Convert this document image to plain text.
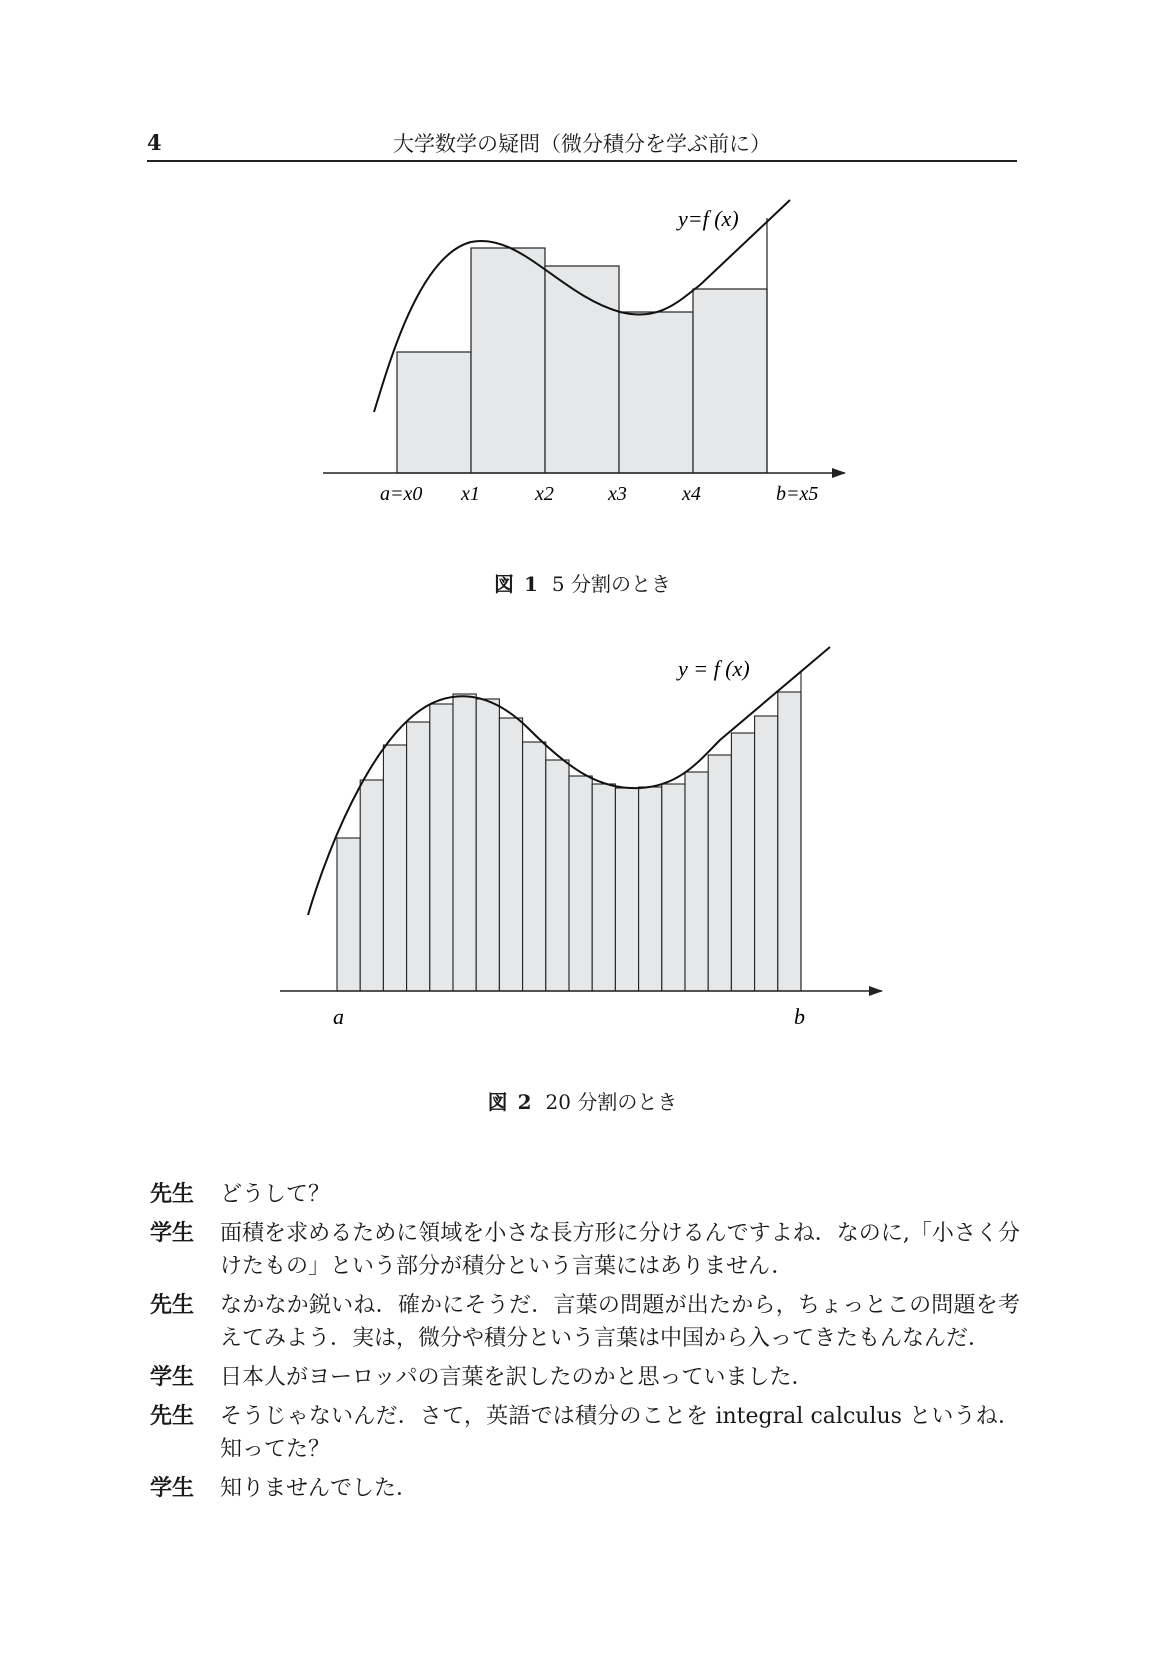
4	大学数学の疑問（微分積分を学ぶ前に）
y=f (x)
a=x0 x1	x2	x3	x4	b=x5
y = f (x)
a	b
図 1 5 分割のとき
図 2 20 分割のとき
先生	どうして？
学生	面積を求めるために領域を小さな長方形に分けるんですよね．なのに,「小さく分けたもの」という部分が積分という言葉にはありません．
先生	なかなか鋭いね．確かにそうだ．言葉の問題が出たから，ちょっとこの問題を考えてみよう．実は，微分や積分という言葉は中国から入ってきたもんなんだ．
学生	日本人がヨーロッパの言葉を訳したのかと思っていました．
先生	そうじゃないんだ．さて，英語では積分のことを integral calculus というね．知ってた？
学生	知りませんでした．
